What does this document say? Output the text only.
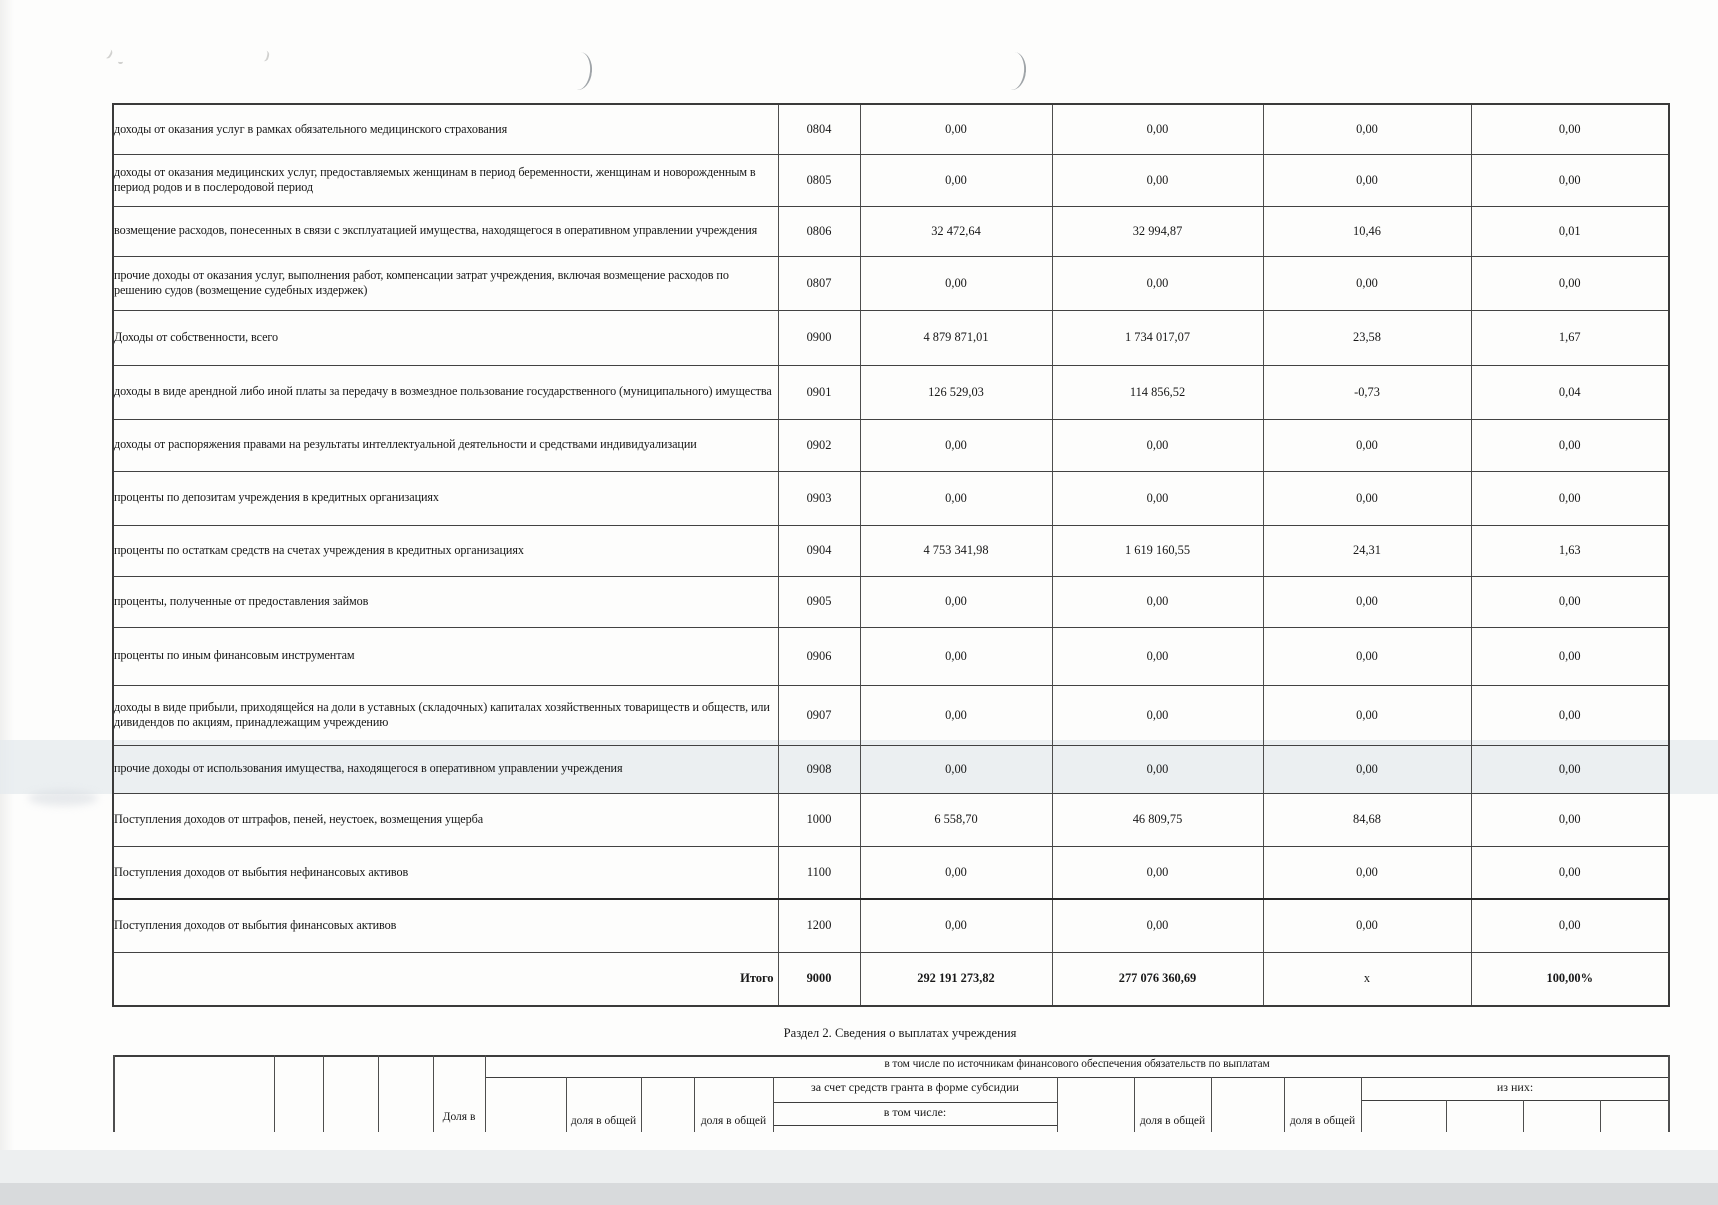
доходы от оказания услуг в рамках обязательного медицинского страхования	0804	0,00	0,00	0,00	0,00
доходы от оказания медицинских услуг, предоставляемых женщинам в период беременности, женщинам и новорожденным в период родов и в послеродовой период	0805	0,00	0,00	0,00	0,00
возмещение расходов, понесенных в связи с эксплуатацией имущества, находящегося в оперативном управлении учреждения	0806	32 472,64	32 994,87	10,46	0,01
прочие доходы от оказания услуг, выполнения работ, компенсации затрат учреждения, включая возмещение расходов по решению судов (возмещение судебных издержек)	0807	0,00	0,00	0,00	0,00
Доходы от собственности, всего	0900	4 879 871,01	1 734 017,07	23,58	1,67
доходы в виде арендной либо иной платы за передачу в возмездное пользование государственного (муниципального) имущества	0901	126 529,03	114 856,52	-0,73	0,04
доходы от распоряжения правами на результаты интеллектуальной деятельности и средствами индивидуализации	0902	0,00	0,00	0,00	0,00
проценты по депозитам учреждения в кредитных организациях	0903	0,00	0,00	0,00	0,00
проценты по остаткам средств на счетах учреждения в кредитных организациях	0904	4 753 341,98	1 619 160,55	24,31	1,63
проценты, полученные от предоставления займов	0905	0,00	0,00	0,00	0,00
проценты по иным финансовым инструментам	0906	0,00	0,00	0,00	0,00
доходы в виде прибыли, приходящейся на доли в уставных (складочных) капиталах хозяйственных товариществ и обществ, или дивидендов по акциям, принадлежащим учреждению	0907	0,00	0,00	0,00	0,00
прочие доходы от использования имущества, находящегося в оперативном управлении учреждения	0908	0,00	0,00	0,00	0,00
Поступления доходов от штрафов, пеней, неустоек, возмещения ущерба	1000	6 558,70	46 809,75	84,68	0,00
Поступления доходов от выбытия нефинансовых активов	1100	0,00	0,00	0,00	0,00
Поступления доходов от выбытия финансовых активов	1200	0,00	0,00	0,00	0,00
Итого	9000	292 191 273,82	277 076 360,69	x	100,00%
Раздел 2. Сведения о выплатах учреждения
в том числе по источникам финансового обеспечения обязательств по выплатам
за счет средств гранта в форме субсидии
в том числе:
из них:
Доля в	доля в общей	доля в общей	доля в общей	доля в общей
